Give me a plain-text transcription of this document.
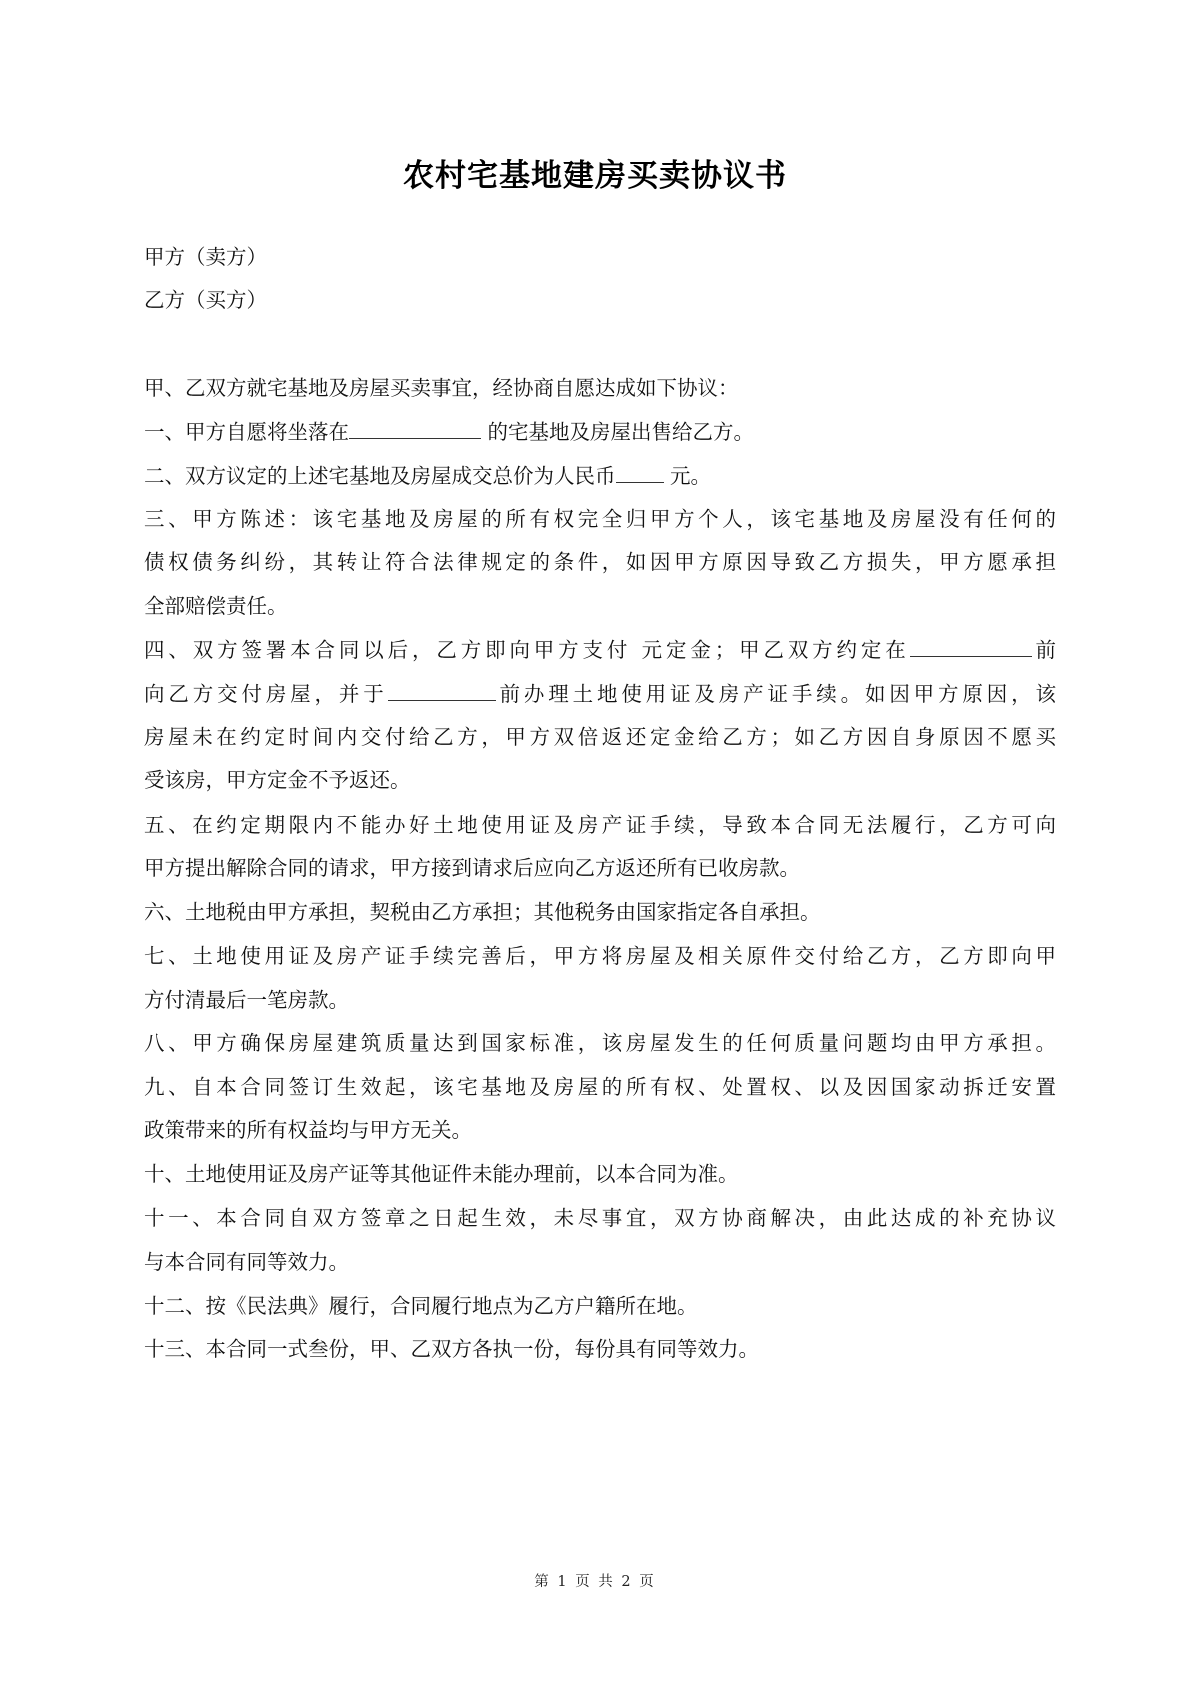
农村宅基地建房买卖协议书
甲方（卖方）
乙方（买方）
甲、乙双方就宅基地及房屋买卖事宜，经协商自愿达成如下协议：
一、甲方自愿将坐落在	的宅基地及房屋出售给乙方。
二、双方议定的上述宅基地及房屋成交总价为人民币 元。
三、甲方陈述：该宅基地及房屋的所有权完全归甲方个人，该宅基地及房屋没有任何的
债权债务纠纷，其转让符合法律规定的条件，如因甲方原因导致乙方损失，甲方愿承担
全部赔偿责任。
四、双方签署本合同以后，乙方即向甲方支付 元定金；甲乙双方约定在	前
向乙方交付房屋，并于	前办理土地使用证及房产证手续。如因甲方原因，该
房屋未在约定时间内交付给乙方，甲方双倍返还定金给乙方；如乙方因自身原因不愿买
受该房，甲方定金不予返还。
五、在约定期限内不能办好土地使用证及房产证手续，导致本合同无法履行，乙方可向
甲方提出解除合同的请求，甲方接到请求后应向乙方返还所有已收房款。
六、土地税由甲方承担，契税由乙方承担；其他税务由国家指定各自承担。
七、土地使用证及房产证手续完善后，甲方将房屋及相关原件交付给乙方，乙方即向甲
方付清最后一笔房款。
八、甲方确保房屋建筑质量达到国家标准，该房屋发生的任何质量问题均由甲方承担。
九、自本合同签订生效起，该宅基地及房屋的所有权、处置权、以及因国家动拆迁安置
政策带来的所有权益均与甲方无关。
十、土地使用证及房产证等其他证件未能办理前，以本合同为准。
十一、本合同自双方签章之日起生效，未尽事宜，双方协商解决，由此达成的补充协议
与本合同有同等效力。
十二、按《民法典》履行，合同履行地点为乙方户籍所在地。
十三、本合同一式叁份，甲、乙双方各执一份，每份具有同等效力。
第 1 页 共 2 页
